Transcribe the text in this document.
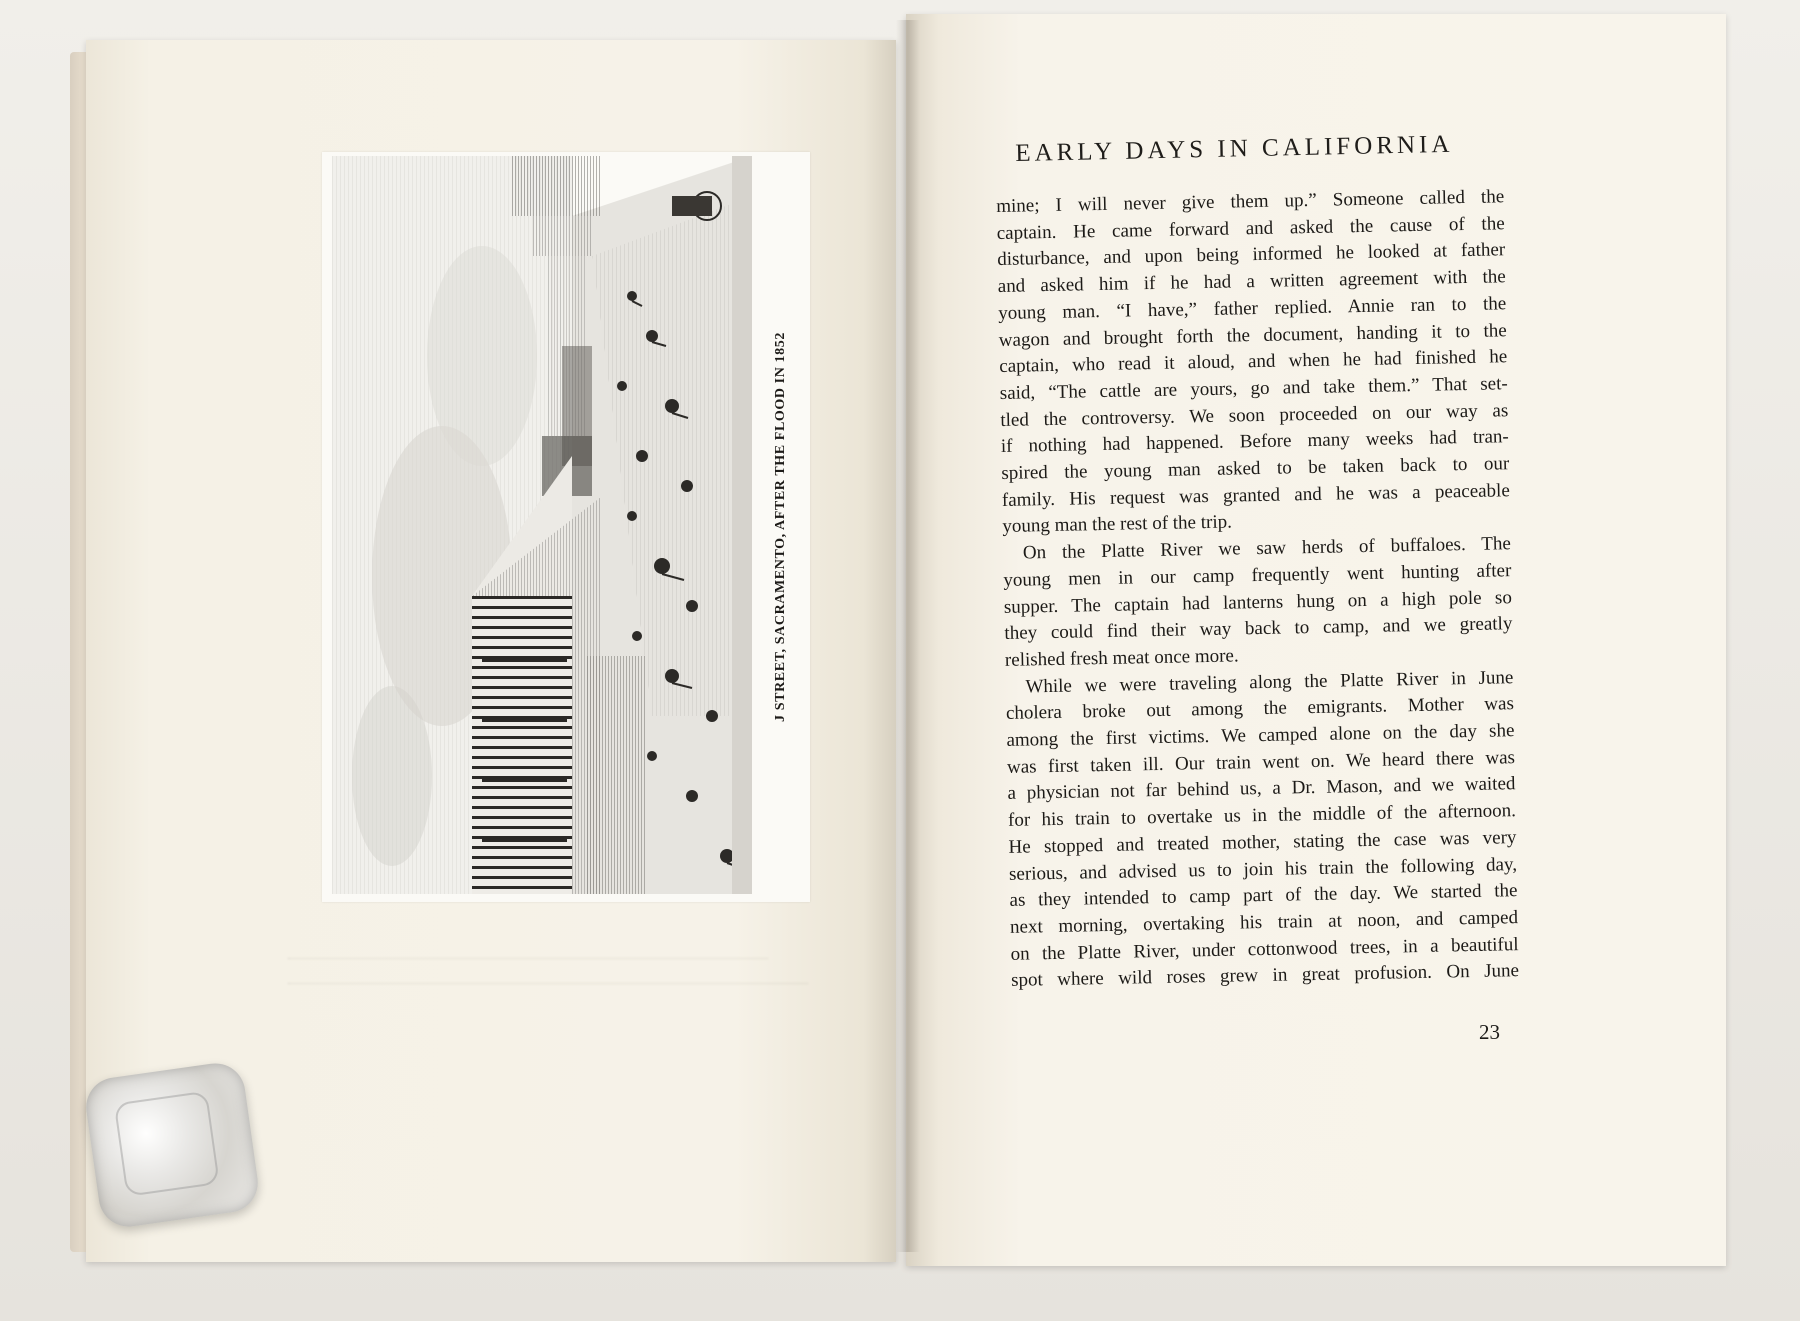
J STREET, SACRAMENTO, AFTER THE FLOOD IN 1852
EARLY DAYS IN CALIFORNIA

mine; I will never give them up.” Someone called the

captain. He came forward and asked the cause of the

disturbance, and upon being informed he looked at father

and asked him if he had a written agreement with the

young man. “I have,” father replied. Annie ran to the

wagon and brought forth the document, handing it to the

captain, who read it aloud, and when he had finished he

said, “The cattle are yours, go and take them.” That set-

tled the controversy. We soon proceeded on our way as

if nothing had happened. Before many weeks had tran-

spired the young man asked to be taken back to our

family. His request was granted and he was a peaceable

young man the rest of the trip.

On the Platte River we saw herds of buffaloes. The

young men in our camp frequently went hunting after

supper. The captain had lanterns hung on a high pole so

they could find their way back to camp, and we greatly

relished fresh meat once more.

While we were traveling along the Platte River in June

cholera broke out among the emigrants. Mother was

among the first victims. We camped alone on the day she

was first taken ill. Our train went on. We heard there was

a physician not far behind us, a Dr. Mason, and we waited

for his train to overtake us in the middle of the afternoon.

He stopped and treated mother, stating the case was very

serious, and advised us to join his train the following day,

as they intended to camp part of the day. We started the

next morning, overtaking his train at noon, and camped

on the Platte River, under cottonwood trees, in a beautiful

spot where wild roses grew in great profusion. On June

23
